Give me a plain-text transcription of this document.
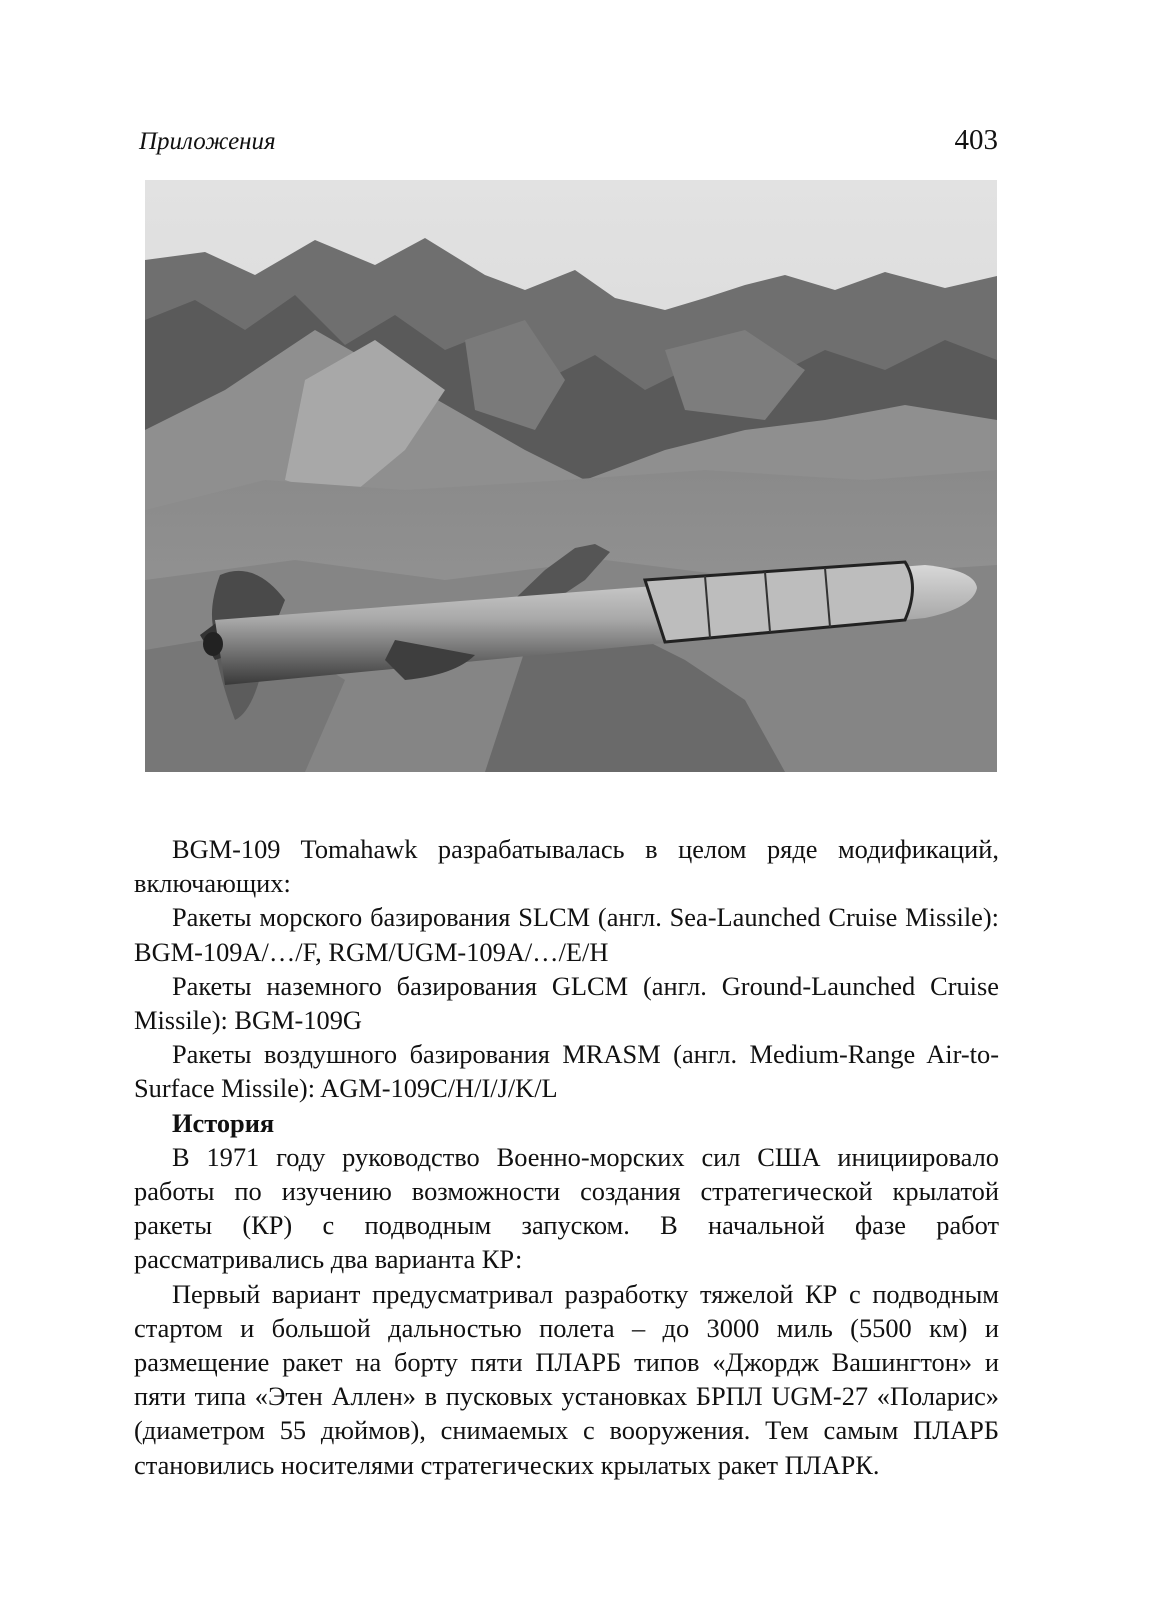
Приложения	403

BGM-109 Tomahawk разрабатывалась в целом ряде модификаций, включающих:

Ракеты морского базирования SLCM (англ. Sea-Launched Cruise Missile): BGM-109A/…/F, RGM/UGM-109A/…/E/H

Ракеты наземного базирования GLCM (англ. Ground-Launched Cruise Missile): BGM-109G

Ракеты воздушного базирования MRASM (англ. Medium-Range Air-to-Surface Missile): AGM-109C/H/I/J/K/L

История

В 1971 году руководство Военно-морских сил США инициировало работы по изучению возможности создания стратегической крылатой ракеты (КР) с подводным запуском. В начальной фазе работ рассматривались два варианта КР:

Первый вариант предусматривал разработку тяжелой КР с подводным стартом и большой дальностью полета – до 3000 миль (5500 км) и размещение ракет на борту пяти ПЛАРБ типов «Джордж Вашингтон» и пяти типа «Этен Аллен» в пусковых установках БРПЛ UGM-27 «Поларис» (диаметром 55 дюймов), снимаемых с вооружения. Тем самым ПЛАРБ становились носителями стратегических крылатых ракет ПЛАРК.
